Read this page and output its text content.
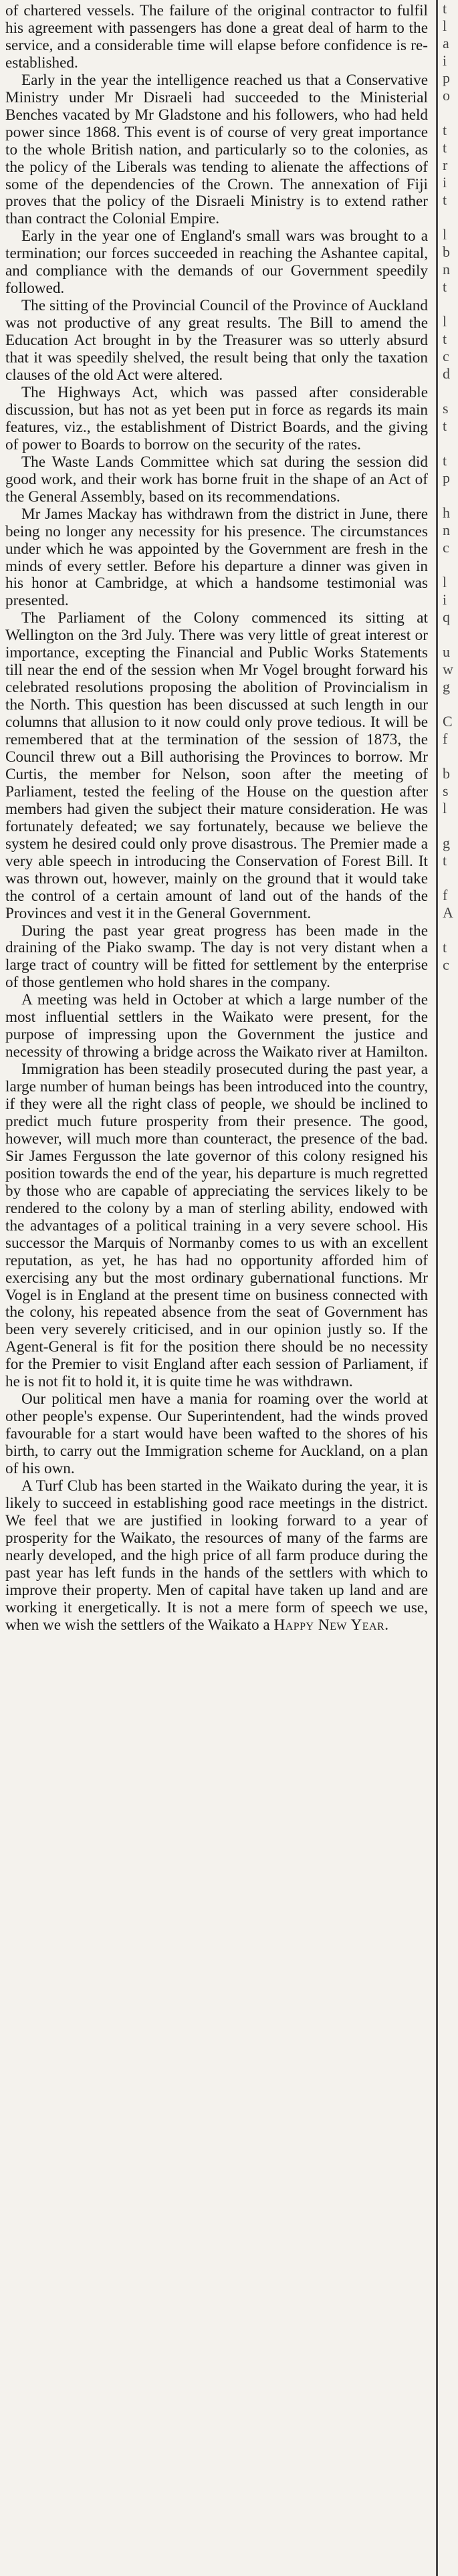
of chartered vessels. The failure of the original contractor to fulfil his agreement with passengers has done a great deal of harm to the service, and a considerable time will elapse before confidence is re-established.

Early in the year the intelligence reached us that a Conservative Ministry under Mr Disraeli had succeeded to the Ministerial Benches vacated by Mr Gladstone and his followers, who had held power since 1868. This event is of course of very great importance to the whole British nation, and particularly so to the colonies, as the policy of the Liberals was tending to alienate the affections of some of the dependencies of the Crown. The annexation of Fiji proves that the policy of the Disraeli Ministry is to extend rather than contract the Colonial Empire.

Early in the year one of England's small wars was brought to a termination; our forces succeeded in reaching the Ashantee capital, and compliance with the demands of our Government speedily followed.

The sitting of the Provincial Council of the Province of Auckland was not productive of any great results. The Bill to amend the Education Act brought in by the Treasurer was so utterly absurd that it was speedily shelved, the result being that only the taxation clauses of the old Act were altered.

The Highways Act, which was passed after considerable discussion, but has not as yet been put in force as regards its main features, viz., the establishment of District Boards, and the giving of power to Boards to borrow on the security of the rates.

The Waste Lands Committee which sat during the session did good work, and their work has borne fruit in the shape of an Act of the General Assembly, based on its recommendations.

Mr James Mackay has withdrawn from the district in June, there being no longer any necessity for his presence. The circumstances under which he was appointed by the Government are fresh in the minds of every settler. Before his departure a dinner was given in his honor at Cambridge, at which a handsome testimonial was presented.

The Parliament of the Colony commenced its sitting at Wellington on the 3rd July. There was very little of great interest or importance, excepting the Financial and Public Works Statements till near the end of the session when Mr Vogel brought forward his celebrated resolutions proposing the abolition of Provincialism in the North. This question has been discussed at such length in our columns that allusion to it now could only prove tedious. It will be remembered that at the termination of the session of 1873, the Council threw out a Bill authorising the Provinces to borrow. Mr Curtis, the member for Nelson, soon after the meeting of Parliament, tested the feeling of the House on the question after members had given the subject their mature consideration. He was fortunately defeated; we say fortunately, because we believe the system he desired could only prove disastrous. The Premier made a very able speech in introducing the Conservation of Forest Bill. It was thrown out, however, mainly on the ground that it would take the control of a certain amount of land out of the hands of the Provinces and vest it in the General Government.

During the past year great progress has been made in the draining of the Piako swamp. The day is not very distant when a large tract of country will be fitted for settlement by the enterprise of those gentlemen who hold shares in the company.

A meeting was held in October at which a large number of the most influential settlers in the Waikato were present, for the purpose of impressing upon the Government the justice and necessity of throwing a bridge across the Waikato river at Hamilton.

Immigration has been steadily prosecuted during the past year, a large number of human beings has been introduced into the country, if they were all the right class of people, we should be inclined to predict much future prosperity from their presence. The good, however, will much more than counteract, the presence of the bad. Sir James Fergusson the late governor of this colony resigned his position towards the end of the year, his departure is much regretted by those who are capable of appreciating the services likely to be rendered to the colony by a man of sterling ability, endowed with the advantages of a political training in a very severe school. His successor the Marquis of Normanby comes to us with an excellent reputation, as yet, he has had no opportunity afforded him of exercising any but the most ordinary gubernational functions. Mr Vogel is in England at the present time on business connected with the colony, his repeated absence from the seat of Government has been very severely criticised, and in our opinion justly so. If the Agent-General is fit for the position there should be no necessity for the Premier to visit England after each session of Parliament, if he is not fit to hold it, it is quite time he was withdrawn.

Our political men have a mania for roaming over the world at other people's expense. Our Superintendent, had the winds proved favourable for a start would have been wafted to the shores of his birth, to carry out the Immigration scheme for Auckland, on a plan of his own.

A Turf Club has been started in the Waikato during the year, it is likely to succeed in establishing good race meetings in the district. We feel that we are justified in looking forward to a year of prosperity for the Waikato, the resources of many of the farms are nearly developed, and the high price of all farm produce during the past year has left funds in the hands of the settlers with which to improve their property. Men of capital have taken up land and are working it energetically. It is not a mere form of speech we use, when we wish the settlers of the Waikato a Happy New Year.

t
l
a
i
p
o

t
t
r
i
t

l
b
n
t

l
t
c
d

s
t

t
p

h
n
c

l
i
q

u
w
g

C
f

b
s
l

g
t

f
A

t
c
